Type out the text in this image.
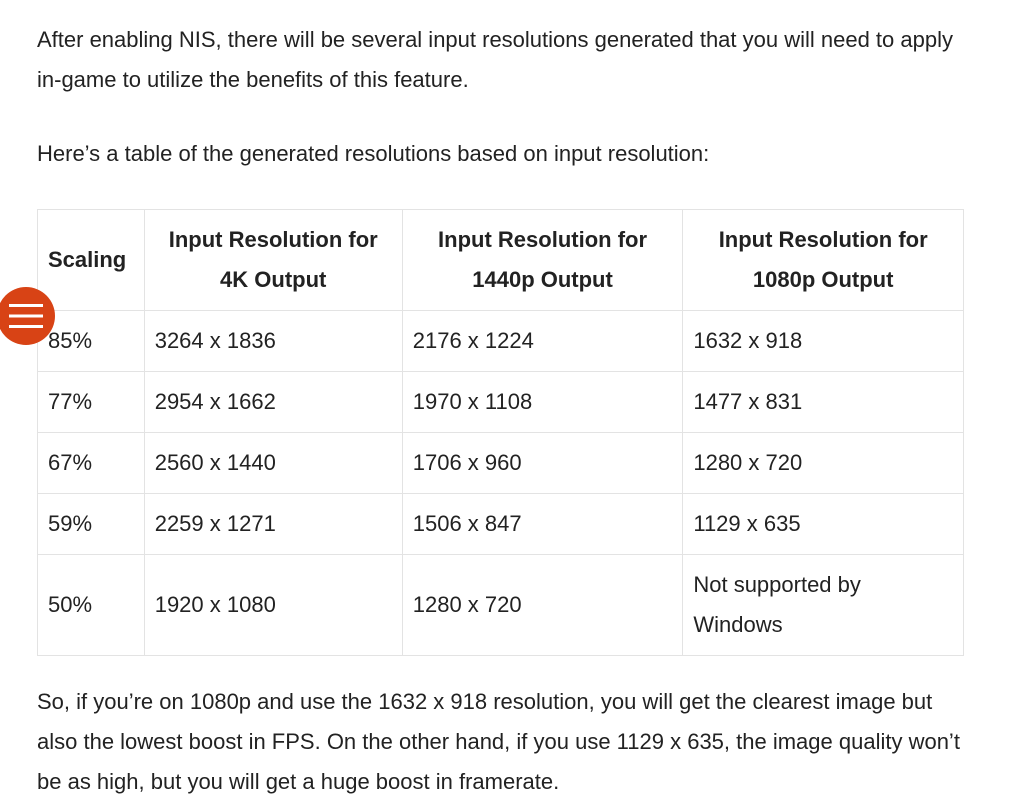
After enabling NIS, there will be several input resolutions generated that you will need to apply in-game to utilize the benefits of this feature.

Here’s a table of the generated resolutions based on input resolution:

Scaling	Input Resolution for 4K Output	Input Resolution for 1440p Output	Input Resolution for 1080p Output
85%	3264 x 1836	2176 x 1224	1632 x 918
77%	2954 x 1662	1970 x 1108	1477 x 831
67%	2560 x 1440	1706 x 960	1280 x 720
59%	2259 x 1271	1506 x 847	1129 x 635
50%	1920 x 1080	1280 x 720	Not supported by Windows

So, if you’re on 1080p and use the 1632 x 918 resolution, you will get the clearest image but also the lowest boost in FPS. On the other hand, if you use 1129 x 635, the image quality won’t be as high, but you will get a huge boost in framerate.
